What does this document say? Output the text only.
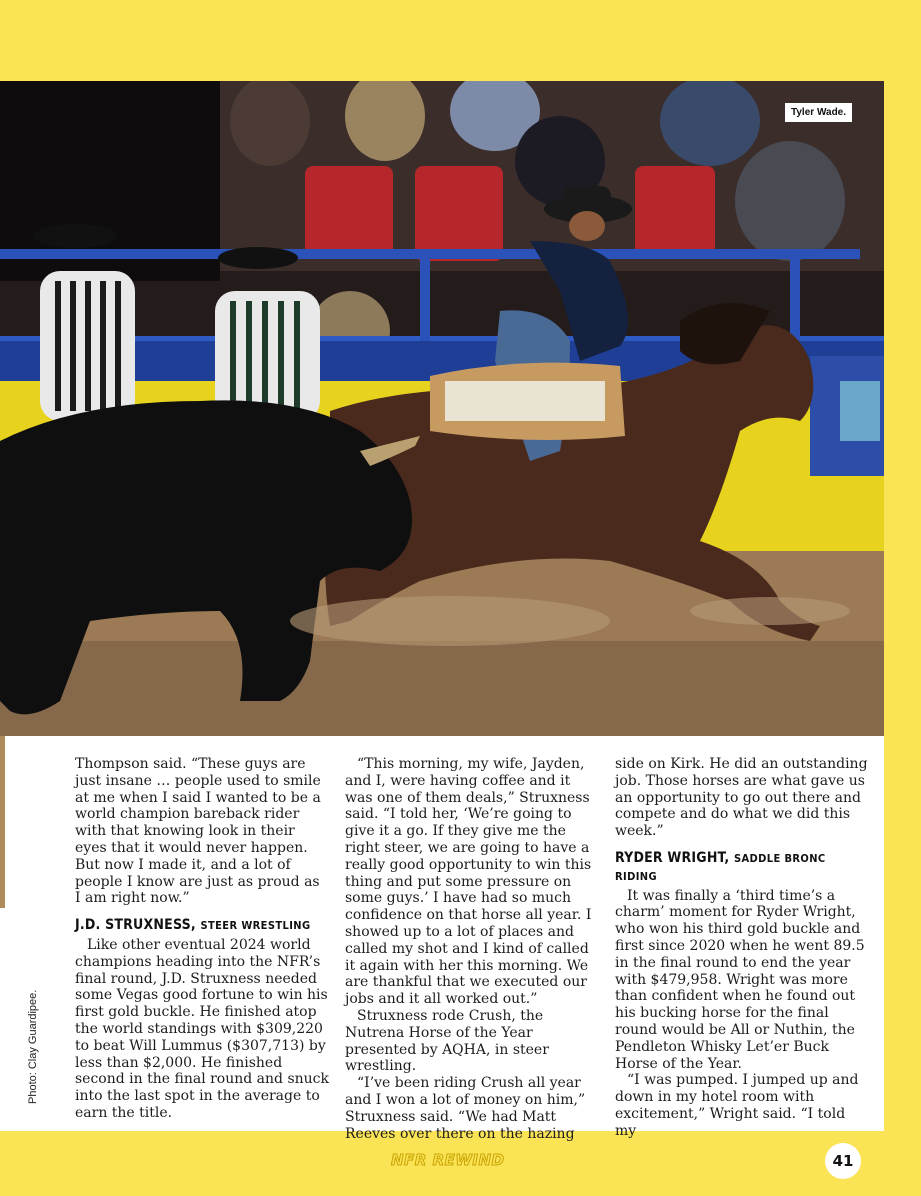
Tyler Wade.
Photo: Clay Guardipee.

Thompson said. “These guys are just insane … people used to smile at me when I said I wanted to be a world champion bareback rider with that knowing look in their eyes that it would never happen. But now I made it, and a lot of people I know are just as proud as I am right now.”

J.D. STRUXNESS, STEER WRESTLING

Like other eventual 2024 world champions heading into the NFR’s final round, J.D. Struxness needed some Vegas good fortune to win his first gold buckle. He finished atop the world standings with $309,220 to beat Will Lummus ($307,713) by less than $2,000. He finished second in the final round and snuck into the last spot in the average to earn the title.

“This morning, my wife, Jayden, and I, were having coffee and it was one of them deals,” Struxness said. “I told her, ‘We’re going to give it a go. If they give me the right steer, we are going to have a really good opportunity to win this thing and put some pressure on some guys.’ I have had so much confidence on that horse all year. I showed up to a lot of places and called my shot and I kind of called it again with her this morning. We are thankful that we executed our jobs and it all worked out.”

Struxness rode Crush, the Nutrena Horse of the Year presented by AQHA, in steer wrestling.

“I’ve been riding Crush all year and I won a lot of money on him,” Struxness said. “We had Matt Reeves over there on the hazing

side on Kirk. He did an outstanding job. Those horses are what gave us an opportunity to go out there and compete and do what we did this week.”

RYDER WRIGHT, SADDLE BRONC RIDING

It was finally a ‘third time’s a charm’ moment for Ryder Wright, who won his third gold buckle and first since 2020 when he went 89.5 in the final round to end the year with $479,958. Wright was more than confident when he found out his bucking horse for the final round would be All or Nuthin, the Pendleton Whisky Let’er Buck Horse of the Year.

“I was pumped. I jumped up and down in my hotel room with excitement,” Wright said. “I told my

NFR REWIND	41
